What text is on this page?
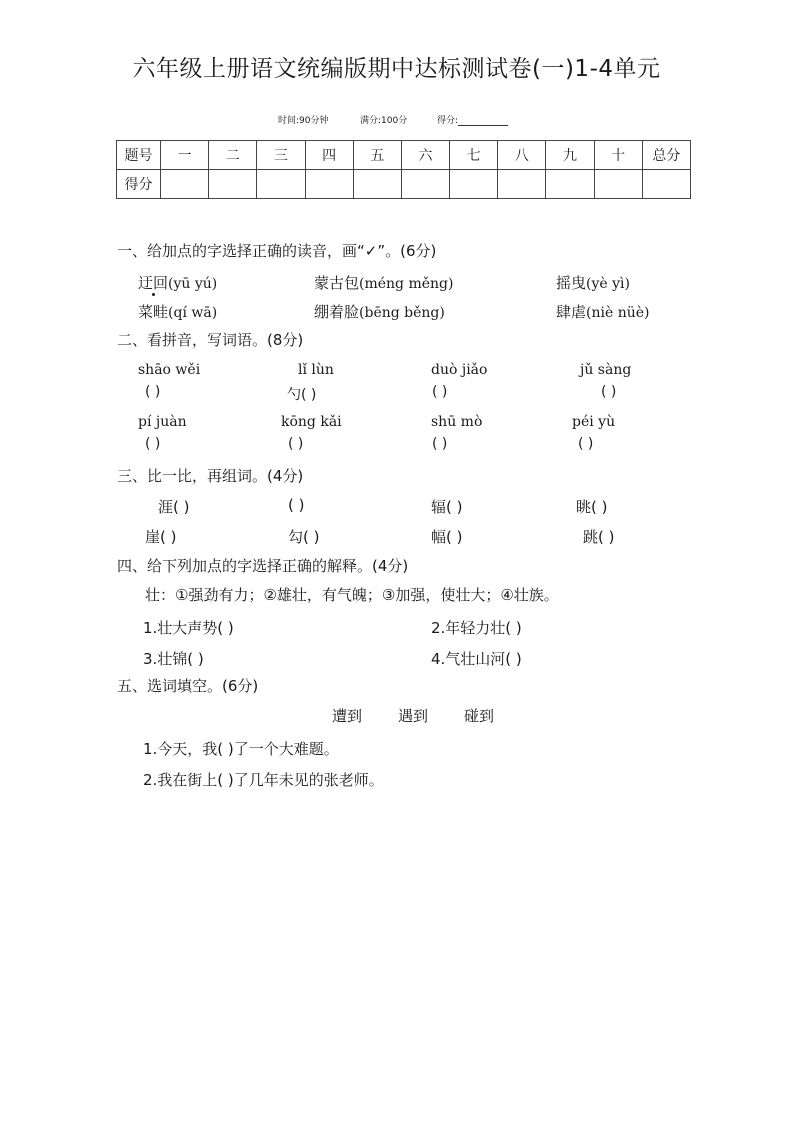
六年级上册语文统编版期中达标测试卷(一)1-4单元
时间:90分钟	满分:100分	得分:
题号	一	二	三	四	五	六	七	八	九	十	总分
得分											
一、给加点的字选择正确的读音，画“✓”。(6分)
迂回(yū yú)	蒙古包(méng měng)	摇曳(yè yì)
菜畦(qí wā)	绷着脸(bēng běng)	肆虐(niè nüè)
二、看拼音，写词语。(8分)
shāo wěi	lǐ lùn	duò jiǎo	jǔ sàng
( )	勺( )	( )	( )
pí juàn	kōng kǎi	shū mò	péi yù
( )	( )	( )	( )
三、比一比，再组词。(4分)
涯( )	( )	辐( )	眺( )
崖( )	勾( )	幅( )	跳( )
四、给下列加点的字选择正确的解释。(4分)
壮：①强劲有力；②雄壮，有气魄；③加强，使壮大；④壮族。
1.壮大声势( )	2.年轻力壮( )
3.壮锦( )	4.气壮山河( )
五、选词填空。(6分)
遭到 遇到 碰到
1.今天，我( )了一个大难题。
2.我在街上( )了几年未见的张老师。
